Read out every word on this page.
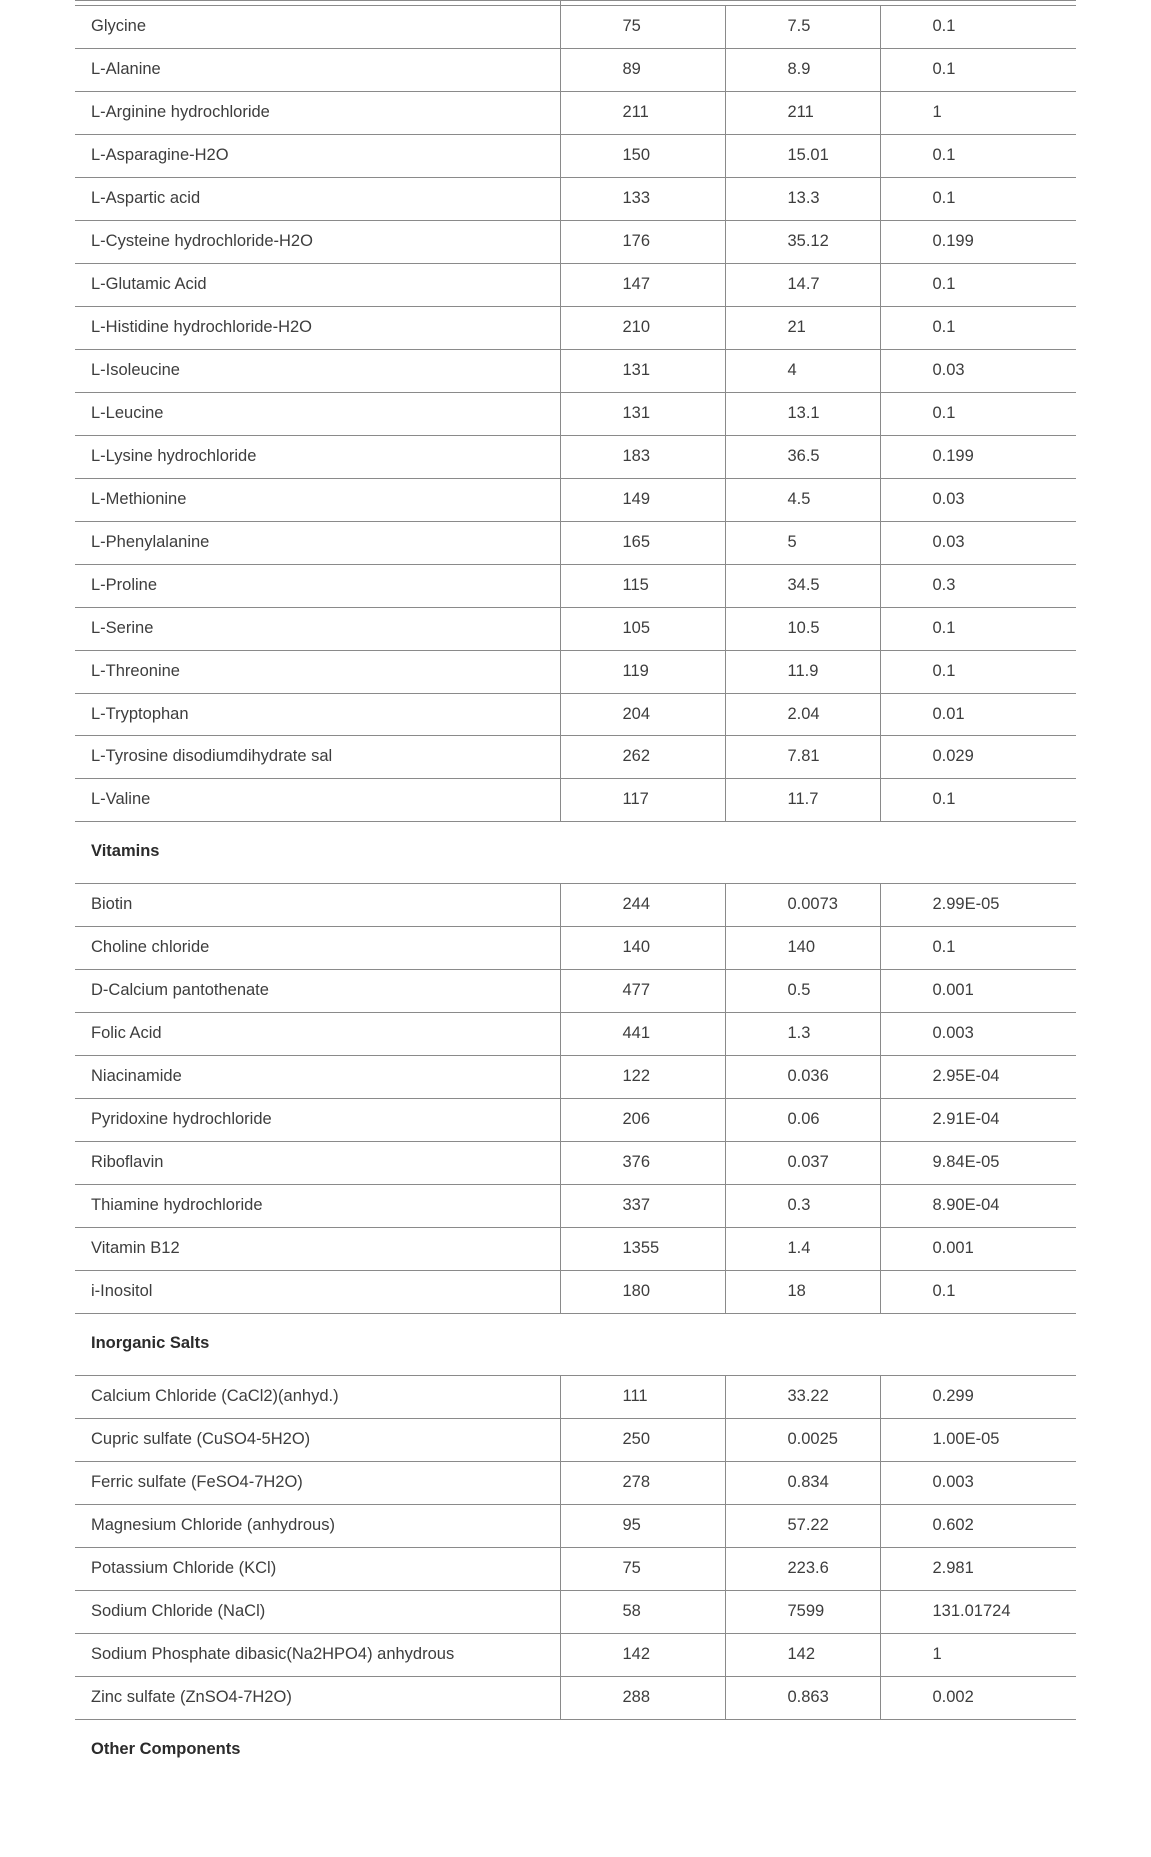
Glycine	75	7.5	0.1
L-Alanine	89	8.9	0.1
L-Arginine hydrochloride	211	211	1
L-Asparagine-H2O	150	15.01	0.1
L-Aspartic acid	133	13.3	0.1
L-Cysteine hydrochloride-H2O	176	35.12	0.199
L-Glutamic Acid	147	14.7	0.1
L-Histidine hydrochloride-H2O	210	21	0.1
L-Isoleucine	131	4	0.03
L-Leucine	131	13.1	0.1
L-Lysine hydrochloride	183	36.5	0.199
L-Methionine	149	4.5	0.03
L-Phenylalanine	165	5	0.03
L-Proline	115	34.5	0.3
L-Serine	105	10.5	0.1
L-Threonine	119	11.9	0.1
L-Tryptophan	204	2.04	0.01
L-Tyrosine disodiumdihydrate sal	262	7.81	0.029
L-Valine	117	11.7	0.1
Vitamins			
Biotin	244	0.0073	2.99E-05
Choline chloride	140	140	0.1
D-Calcium pantothenate	477	0.5	0.001
Folic Acid	441	1.3	0.003
Niacinamide	122	0.036	2.95E-04
Pyridoxine hydrochloride	206	0.06	2.91E-04
Riboflavin	376	0.037	9.84E-05
Thiamine hydrochloride	337	0.3	8.90E-04
Vitamin B12	1355	1.4	0.001
i-Inositol	180	18	0.1
Inorganic Salts			
Calcium Chloride (CaCl2)(anhyd.)	111	33.22	0.299
Cupric sulfate (CuSO4-5H2O)	250	0.0025	1.00E-05
Ferric sulfate (FeSO4-7H2O)	278	0.834	0.003
Magnesium Chloride (anhydrous)	95	57.22	0.602
Potassium Chloride (KCl)	75	223.6	2.981
Sodium Chloride (NaCl)	58	7599	131.01724
Sodium Phosphate dibasic(Na2HPO4) anhydrous	142	142	1
Zinc sulfate (ZnSO4-7H2O)	288	0.863	0.002
Other Components			
